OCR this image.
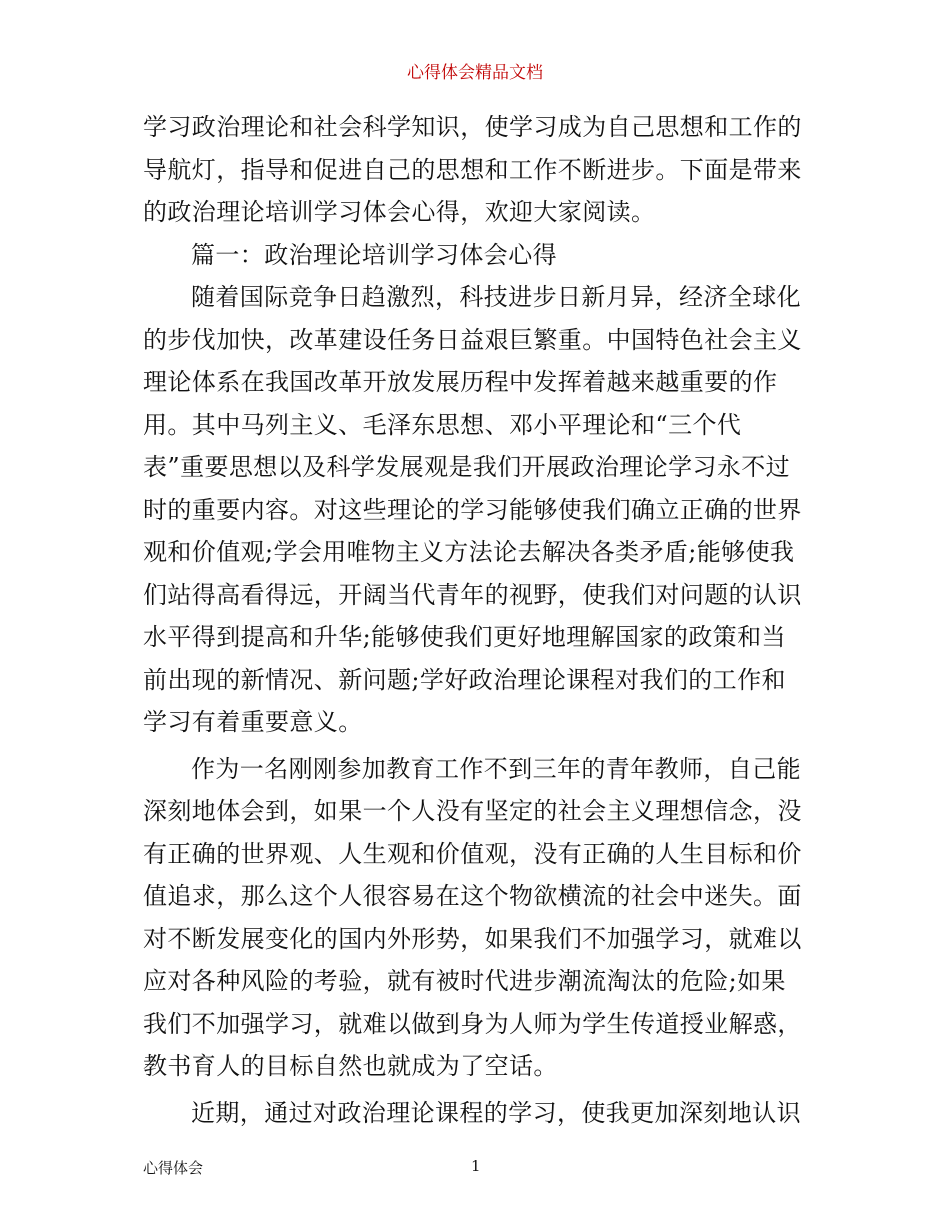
心得体会精品文档
学习政治理论和社会科学知识，使学习成为自己思想和工作的
导航灯，指导和促进自己的思想和工作不断进步。下面是带来
的政治理论培训学习体会心得，欢迎大家阅读。
篇一：政治理论培训学习体会心得
随着国际竞争日趋激烈，科技进步日新月异，经济全球化
的步伐加快，改革建设任务日益艰巨繁重。中国特色社会主义
理论体系在我国改革开放发展历程中发挥着越来越重要的作
用。其中马列主义、毛泽东思想、邓小平理论和“三个代
表”重要思想以及科学发展观是我们开展政治理论学习永不过
时的重要内容。对这些理论的学习能够使我们确立正确的世界
观和价值观;学会用唯物主义方法论去解决各类矛盾;能够使我
们站得高看得远，开阔当代青年的视野，使我们对问题的认识
水平得到提高和升华;能够使我们更好地理解国家的政策和当
前出现的新情况、新问题;学好政治理论课程对我们的工作和
学习有着重要意义。
作为一名刚刚参加教育工作不到三年的青年教师，自己能
深刻地体会到，如果一个人没有坚定的社会主义理想信念，没
有正确的世界观、人生观和价值观，没有正确的人生目标和价
值追求，那么这个人很容易在这个物欲横流的社会中迷失。面
对不断发展变化的国内外形势，如果我们不加强学习，就难以
应对各种风险的考验，就有被时代进步潮流淘汰的危险;如果
我们不加强学习，就难以做到身为人师为学生传道授业解惑，
教书育人的目标自然也就成为了空话。
近期，通过对政治理论课程的学习，使我更加深刻地认识
心得体会	1
